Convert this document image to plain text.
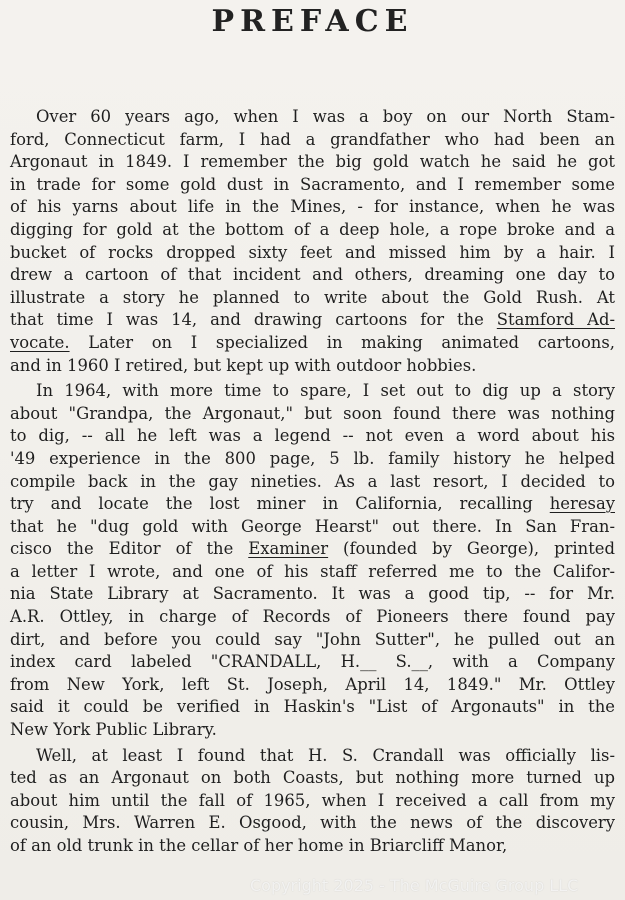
PREFACE
Over 60 years ago, when I was a boy on our North Stam-
ford, Connecticut farm, I had a grandfather who had been an
Argonaut in 1849. I remember the big gold watch he said he got
in trade for some gold dust in Sacramento, and I remember some
of his yarns about life in the Mines, - for instance, when he was
digging for gold at the bottom of a deep hole, a rope broke and a
bucket of rocks dropped sixty feet and missed him by a hair. I
drew a cartoon of that incident and others, dreaming one day to
illustrate a story he planned to write about the Gold Rush. At
that time I was 14, and drawing cartoons for the Stamford Ad-
vocate. Later on I specialized in making animated cartoons,
and in 1960 I retired, but kept up with outdoor hobbies.
In 1964, with more time to spare, I set out to dig up a story
about "Grandpa, the Argonaut," but soon found there was nothing
to dig, -- all he left was a legend -- not even a word about his
'49 experience in the 800 page, 5 lb. family history he helped
compile back in the gay nineties. As a last resort, I decided to
try and locate the lost miner in California, recalling heresay
that he "dug gold with George Hearst" out there. In San Fran-
cisco the Editor of the Examiner (founded by George), printed
a letter I wrote, and one of his staff referred me to the Califor-
nia State Library at Sacramento. It was a good tip, -- for Mr.
A.R. Ottley, in charge of Records of Pioneers there found pay
dirt, and before you could say "John Sutter", he pulled out an
index card labeled "CRANDALL, H.__ S.__, with a Company
from New York, left St. Joseph, April 14, 1849." Mr. Ottley
said it could be verified in Haskin's "List of Argonauts" in the
New York Public Library.
Well, at least I found that H. S. Crandall was officially lis-
ted as an Argonaut on both Coasts, but nothing more turned up
about him until the fall of 1965, when I received a call from my
cousin, Mrs. Warren E. Osgood, with the news of the discovery
of an old trunk in the cellar of her home in Briarcliff Manor,
Copyright 2025 - The McGuire Group LLC
